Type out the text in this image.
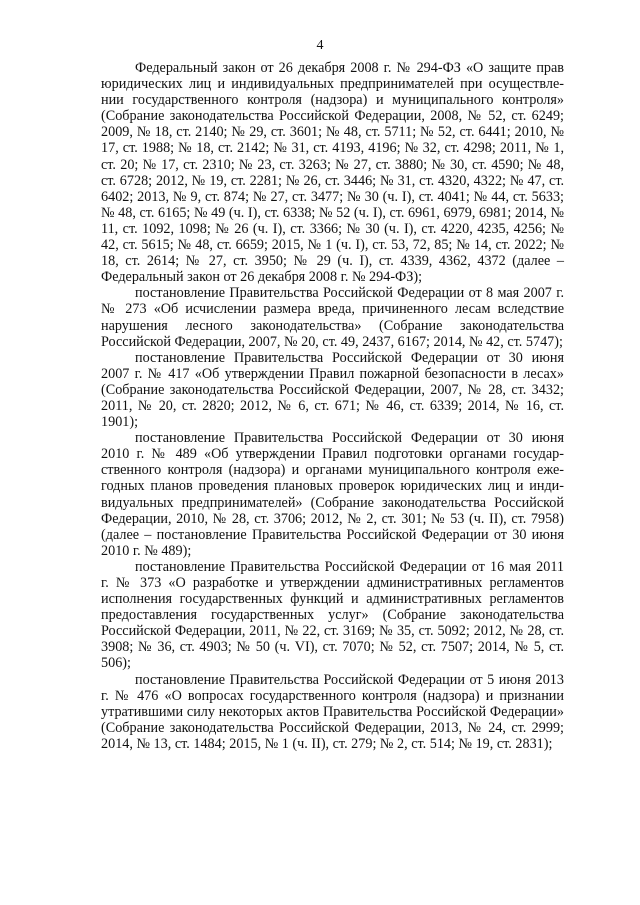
4

Федеральный закон от 26 декабря 2008 г. № 294-ФЗ «О защите прав юридических лиц и индивидуальных предпринимателей при осуществлении государственного контроля (надзора) и муниципального контроля» (Собрание законодательства Российской Федерации, 2008, № 52, ст. 6249; 2009, № 18, ст. 2140; № 29, ст. 3601; № 48, ст. 5711; № 52, ст. 6441; 2010, № 17, ст. 1988; № 18, ст. 2142; № 31, ст. 4193, 4196; № 32, ст. 4298; 2011, № 1, ст. 20; № 17, ст. 2310; № 23, ст. 3263; № 27, ст. 3880; № 30, ст. 4590; № 48, ст. 6728; 2012, № 19, ст. 2281; № 26, ст. 3446; № 31, ст. 4320, 4322; № 47, ст. 6402; 2013, № 9, ст. 874; № 27, ст. 3477; № 30 (ч. I), ст. 4041; № 44, ст. 5633; № 48, ст. 6165; № 49 (ч. I), ст. 6338; № 52 (ч. I), ст. 6961, 6979, 6981; 2014, № 11, ст. 1092, 1098; № 26 (ч. I), ст. 3366; № 30 (ч. I), ст. 4220, 4235, 4256; № 42, ст. 5615; № 48, ст. 6659; 2015, № 1 (ч. I), ст. 53, 72, 85; № 14, ст. 2022; № 18, ст. 2614; № 27, ст. 3950; № 29 (ч. I), ст. 4339, 4362, 4372 (далее – Федеральный закон от 26 декабря 2008 г. № 294-ФЗ);

постановление Правительства Российской Федерации от 8 мая 2007 г. № 273 «Об исчислении размера вреда, причиненного лесам вследствие нарушения лесного законодательства» (Собрание законодательства Российской Федерации, 2007, № 20, ст. 49, 2437, 6167; 2014, № 42, ст. 5747);

постановление Правительства Российской Федерации от 30 июня 2007 г. № 417 «Об утверждении Правил пожарной безопасности в лесах» (Собрание законодательства Российской Федерации, 2007, № 28, ст. 3432; 2011, № 20, ст. 2820; 2012, № 6, ст. 671; № 46, ст. 6339; 2014, № 16, ст. 1901);

постановление Правительства Российской Федерации от 30 июня 2010 г. № 489 «Об утверждении Правил подготовки органами государственного контроля (надзора) и органами муниципального контроля ежегодных планов проведения плановых проверок юридических лиц и индивидуальных предпринимателей» (Собрание законодательства Российской Федерации, 2010, № 28, ст. 3706; 2012, № 2, ст. 301; № 53 (ч. II), ст. 7958) (далее – постановление Правительства Российской Федерации от 30 июня 2010 г. № 489);

постановление Правительства Российской Федерации от 16 мая 2011 г. № 373 «О разработке и утверждении административных регламентов исполнения государственных функций и административных регламентов предоставления государственных услуг» (Собрание законодательства Российской Федерации, 2011, № 22, ст. 3169; № 35, ст. 5092; 2012, № 28, ст. 3908; № 36, ст. 4903; № 50 (ч. VI), ст. 7070; № 52, ст. 7507; 2014, № 5, ст. 506);

постановление Правительства Российской Федерации от 5 июня 2013 г. № 476 «О вопросах государственного контроля (надзора) и признании утратившими силу некоторых актов Правительства Российской Федерации» (Собрание законодательства Российской Федерации, 2013, № 24, ст. 2999; 2014, № 13, ст. 1484; 2015, № 1 (ч. II), ст. 279; № 2, ст. 514; № 19, ст. 2831);
